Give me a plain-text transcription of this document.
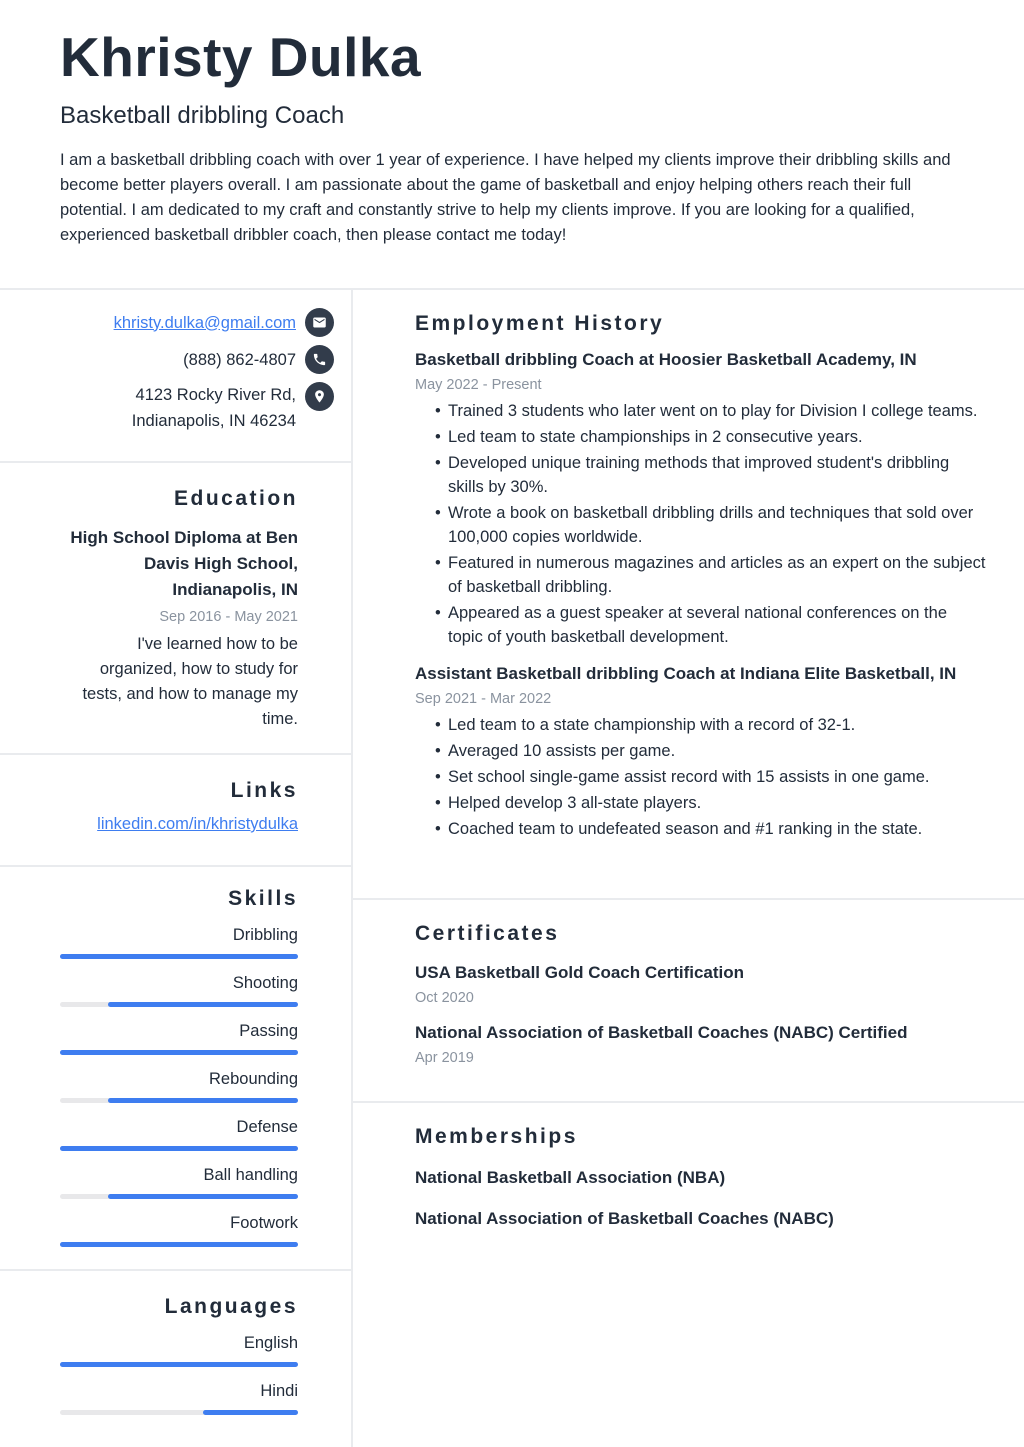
Khristy Dulka
Basketball dribbling Coach
I am a basketball dribbling coach with over 1 year of experience. I have helped my clients improve their dribbling skills and become better players overall. I am passionate about the game of basketball and enjoy helping others reach their full potential. I am dedicated to my craft and constantly strive to help my clients improve. If you are looking for a qualified, experienced basketball dribbler coach, then please contact me today!
khristy.dulka@gmail.com
(888) 862-4807
4123 Rocky River Rd,
Indianapolis, IN 46234
Education
High School Diploma at Ben Davis High School, Indianapolis, IN
Sep 2016 - May 2021
I've learned how to be organized, how to study for tests, and how to manage my time.
Links
linkedin.com/in/khristydulka
Skills
Dribbling
Shooting
Passing
Rebounding
Defense
Ball handling
Footwork
Languages
English
Hindi
Employment History
Basketball dribbling Coach at Hoosier Basketball Academy, IN
May 2022 - Present
• Trained 3 students who later went on to play for Division I college teams.
• Led team to state championships in 2 consecutive years.
• Developed unique training methods that improved student's dribbling skills by 30%.
• Wrote a book on basketball dribbling drills and techniques that sold over 100,000 copies worldwide.
• Featured in numerous magazines and articles as an expert on the subject of basketball dribbling.
• Appeared as a guest speaker at several national conferences on the topic of youth basketball development.
Assistant Basketball dribbling Coach at Indiana Elite Basketball, IN
Sep 2021 - Mar 2022
• Led team to a state championship with a record of 32-1.
• Averaged 10 assists per game.
• Set school single-game assist record with 15 assists in one game.
• Helped develop 3 all-state players.
• Coached team to undefeated season and #1 ranking in the state.
Certificates
USA Basketball Gold Coach Certification
Oct 2020
National Association of Basketball Coaches (NABC) Certified
Apr 2019
Memberships
National Basketball Association (NBA)
National Association of Basketball Coaches (NABC)
